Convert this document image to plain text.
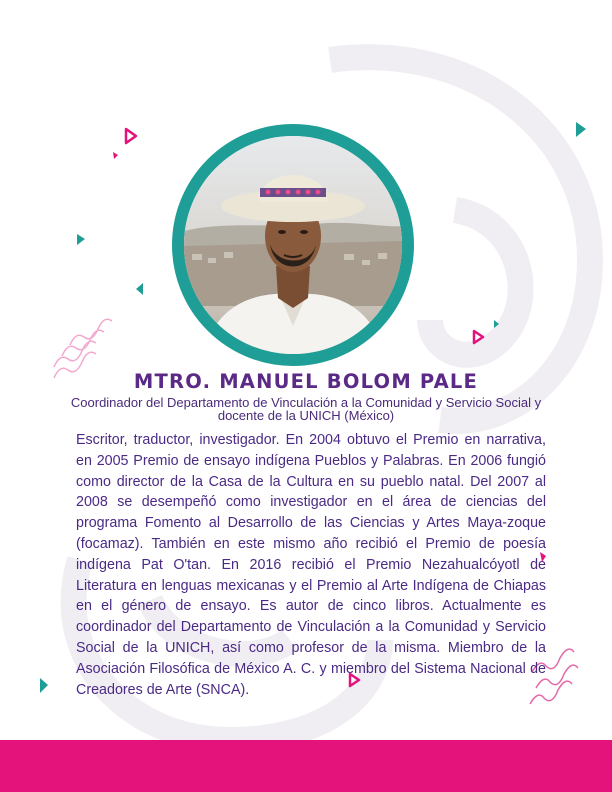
MTRO. MANUEL BOLOM PALE

Coordinador del Departamento de Vinculación a la Comunidad y Servicio Social y docente de la UNICH (México)

Escritor, traductor, investigador. En 2004 obtuvo el Premio en narrativa, en 2005 Premio de ensayo indígena Pueblos y Palabras. En 2006 fungió como director de la Casa de la Cultura en su pueblo natal. Del 2007 al 2008 se desempeñó como investigador en el área de ciencias del programa Fomento al Desarrollo de las Ciencias y Artes Maya-zoque (focamaz). También en este mismo año recibió el Premio de poesía indígena Pat O'tan. En 2016 recibió el Premio Nezahualcóyotl de Literatura en lenguas mexicanas y el Premio al Arte Indígena de Chiapas en el género de ensayo. Es autor de cinco libros. Actualmente es coordinador del Departamento de Vinculación a la Comunidad y Servicio Social de la UNICH, así como profesor de la misma. Miembro de la Asociación Filosófica de México A. C. y miembro del Sistema Nacional de Creadores de Arte (SNCA).
